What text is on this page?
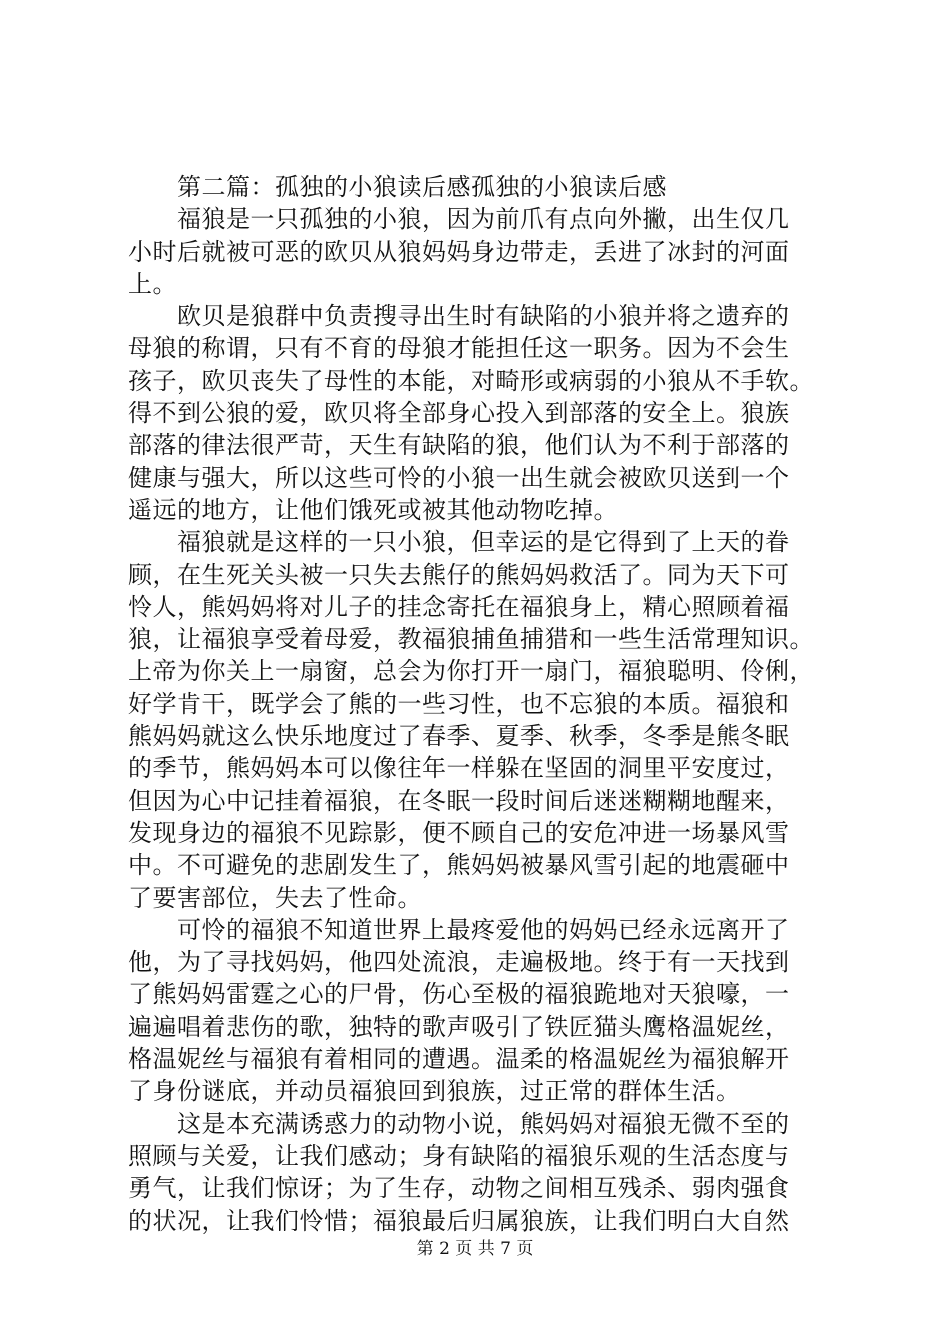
　　第二篇：孤独的小狼读后感孤独的小狼读后感
　　福狼是一只孤独的小狼，因为前爪有点向外撇，出生仅几
小时后就被可恶的欧贝从狼妈妈身边带走，丢进了冰封的河面
上。
　　欧贝是狼群中负责搜寻出生时有缺陷的小狼并将之遗弃的
母狼的称谓，只有不育的母狼才能担任这一职务。因为不会生
孩子，欧贝丧失了母性的本能，对畸形或病弱的小狼从不手软。
得不到公狼的爱，欧贝将全部身心投入到部落的安全上。狼族
部落的律法很严苛，天生有缺陷的狼，他们认为不利于部落的
健康与强大，所以这些可怜的小狼一出生就会被欧贝送到一个
遥远的地方，让他们饿死或被其他动物吃掉。
　　福狼就是这样的一只小狼，但幸运的是它得到了上天的眷
顾，在生死关头被一只失去熊仔的熊妈妈救活了。同为天下可
怜人，熊妈妈将对儿子的挂念寄托在福狼身上，精心照顾着福
狼，让福狼享受着母爱，教福狼捕鱼捕猎和一些生活常理知识。
上帝为你关上一扇窗，总会为你打开一扇门，福狼聪明、伶俐，
好学肯干，既学会了熊的一些习性，也不忘狼的本质。福狼和
熊妈妈就这么快乐地度过了春季、夏季、秋季，冬季是熊冬眠
的季节，熊妈妈本可以像往年一样躲在坚固的洞里平安度过，
但因为心中记挂着福狼，在冬眠一段时间后迷迷糊糊地醒来，
发现身边的福狼不见踪影，便不顾自己的安危冲进一场暴风雪
中。不可避免的悲剧发生了，熊妈妈被暴风雪引起的地震砸中
了要害部位，失去了性命。
　　可怜的福狼不知道世界上最疼爱他的妈妈已经永远离开了
他，为了寻找妈妈，他四处流浪，走遍极地。终于有一天找到
了熊妈妈雷霆之心的尸骨，伤心至极的福狼跪地对天狼嚎，一
遍遍唱着悲伤的歌，独特的歌声吸引了铁匠猫头鹰格温妮丝，
格温妮丝与福狼有着相同的遭遇。温柔的格温妮丝为福狼解开
了身份谜底，并动员福狼回到狼族，过正常的群体生活。
　　这是本充满诱惑力的动物小说，熊妈妈对福狼无微不至的
照顾与关爱，让我们感动；身有缺陷的福狼乐观的生活态度与
勇气，让我们惊讶；为了生存，动物之间相互残杀、弱肉强食
的状况，让我们怜惜；福狼最后归属狼族，让我们明白大自然
第 2 页 共 7 页
